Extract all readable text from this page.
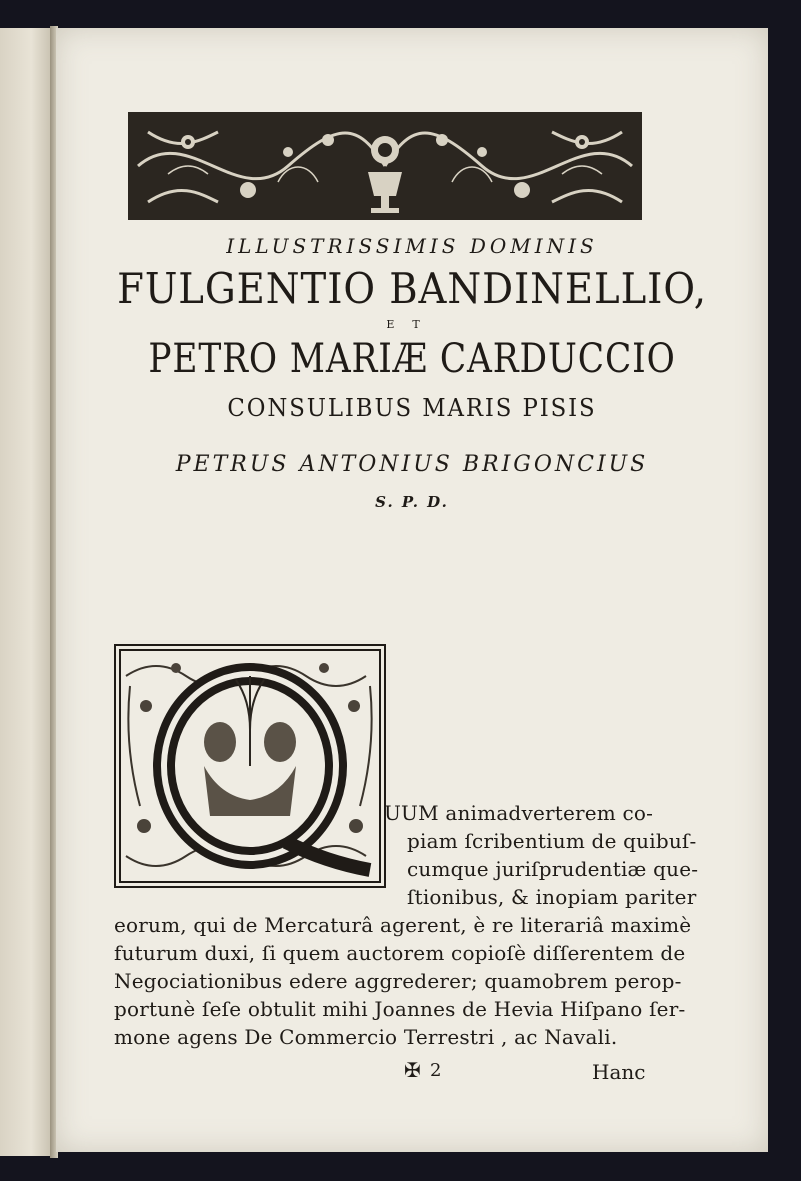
ILLUSTRISSIMIS DOMINIS
FULGENTIO BANDINELLIO,
ET
PETRO MARIÆ CARDUCCIO
CONSULIBUS MARIS PISIS
PETRUS ANTONIUS BRIGONCIUS
S. P. D.
UUM animadverterem co-
piam ſcribentium de quibuſ-
cumque juriſprudentiæ que-
ſtionibus, & inopiam pariter
eorum, qui de Mercaturâ agerent, è re literariâ maximè
futurum duxi, ſi quem auctorem copioſè diſſerentem de
Negociationibus edere aggrederer; quamobrem perop-
portunè ſeſe obtulit mihi Joannes de Hevia Hiſpano ſer-
mone agens De Commercio Terrestri , ac Navali.
✠ 2	Hanc
